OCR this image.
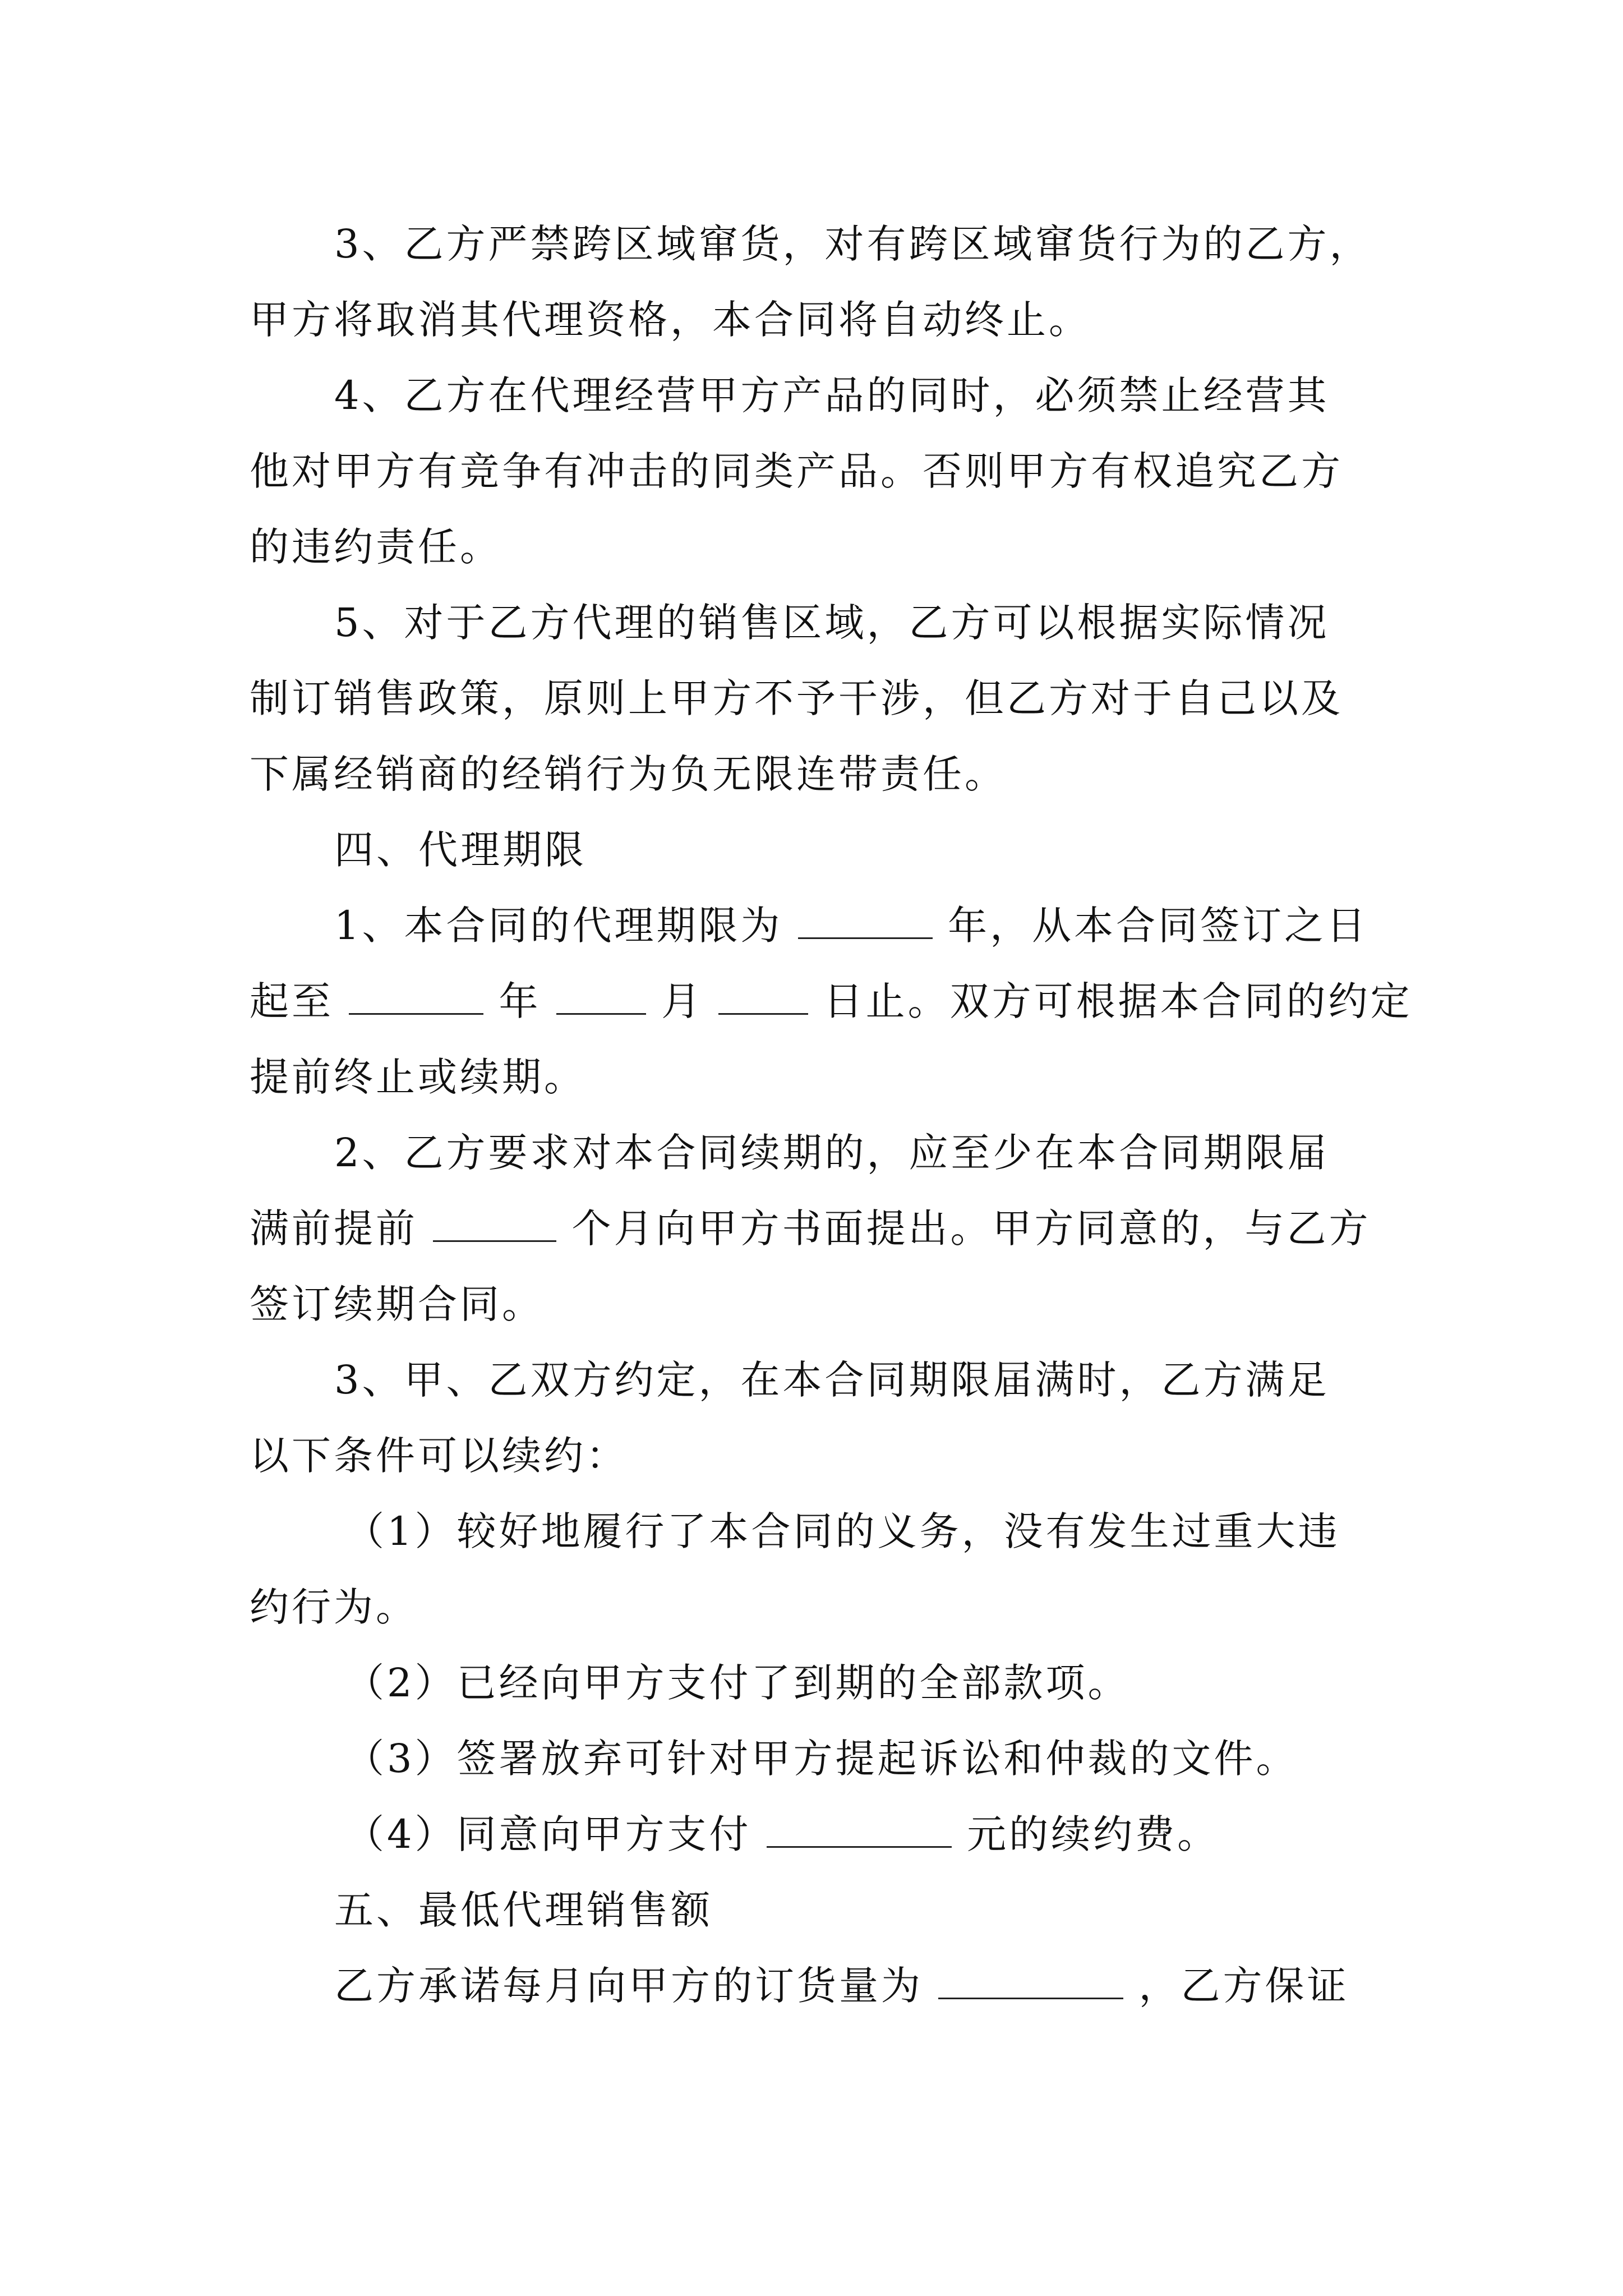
3、乙方严禁跨区域窜货，对有跨区域窜货行为的乙方，
甲方将取消其代理资格，本合同将自动终止。
4、乙方在代理经营甲方产品的同时，必须禁止经营其
他对甲方有竞争有冲击的同类产品。否则甲方有权追究乙方
的违约责任。
5、对于乙方代理的销售区域，乙方可以根据实际情况
制订销售政策，原则上甲方不予干涉，但乙方对于自己以及
下属经销商的经销行为负无限连带责任。
四、代理期限
1、本合同的代理期限为	年，从本合同签订之日
起至	年	月	日止。双方可根据本合同的约定
提前终止或续期。
2、乙方要求对本合同续期的，应至少在本合同期限届
满前提前	个月向甲方书面提出。甲方同意的，与乙方
签订续期合同。
3、甲、乙双方约定，在本合同期限届满时，乙方满足
以下条件可以续约：
（1）较好地履行了本合同的义务，没有发生过重大违
约行为。
（2）已经向甲方支付了到期的全部款项。
（3）签署放弃可针对甲方提起诉讼和仲裁的文件。
（4）同意向甲方支付	元的续约费。
五、最低代理销售额
乙方承诺每月向甲方的订货量为	，乙方保证
